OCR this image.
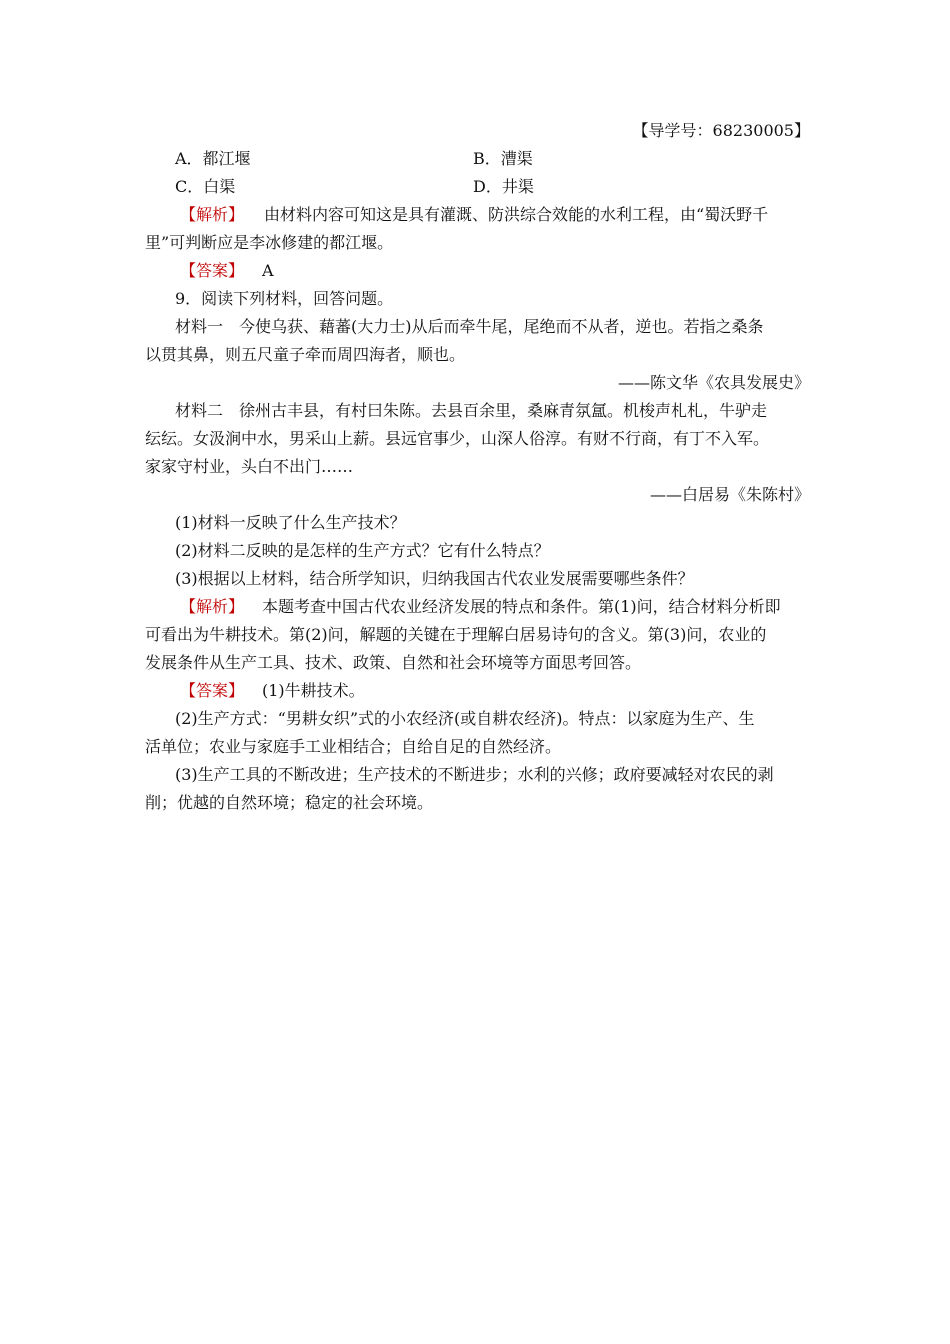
【导学号：68230005】
A．都江堰	B．漕渠
C．白渠	D．井渠
【解析】 由材料内容可知这是具有灌溉、防洪综合效能的水利工程，由“蜀沃野千
里”可判断应是李冰修建的都江堰。
【答案】 A
9．阅读下列材料，回答问题。
材料一　今使乌获、藉蕃(大力士)从后而牵牛尾，尾绝而不从者，逆也。若指之桑条
以贯其鼻，则五尺童子牵而周四海者，顺也。
——陈文华《农具发展史》
材料二　徐州古丰县，有村曰朱陈。去县百余里，桑麻青氛氲。机梭声札札，牛驴走
纭纭。女汲涧中水，男采山上薪。县远官事少，山深人俗淳。有财不行商，有丁不入军。
家家守村业，头白不出门……
——白居易《朱陈村》
(1)材料一反映了什么生产技术？
(2)材料二反映的是怎样的生产方式？它有什么特点？
(3)根据以上材料，结合所学知识，归纳我国古代农业发展需要哪些条件？
【解析】 本题考查中国古代农业经济发展的特点和条件。第(1)问，结合材料分析即
可看出为牛耕技术。第(2)问，解题的关键在于理解白居易诗句的含义。第(3)问，农业的
发展条件从生产工具、技术、政策、自然和社会环境等方面思考回答。
【答案】 (1)牛耕技术。
(2)生产方式：“男耕女织”式的小农经济(或自耕农经济)。特点：以家庭为生产、生
活单位；农业与家庭手工业相结合；自给自足的自然经济。
(3)生产工具的不断改进；生产技术的不断进步；水利的兴修；政府要减轻对农民的剥
削；优越的自然环境；稳定的社会环境。
